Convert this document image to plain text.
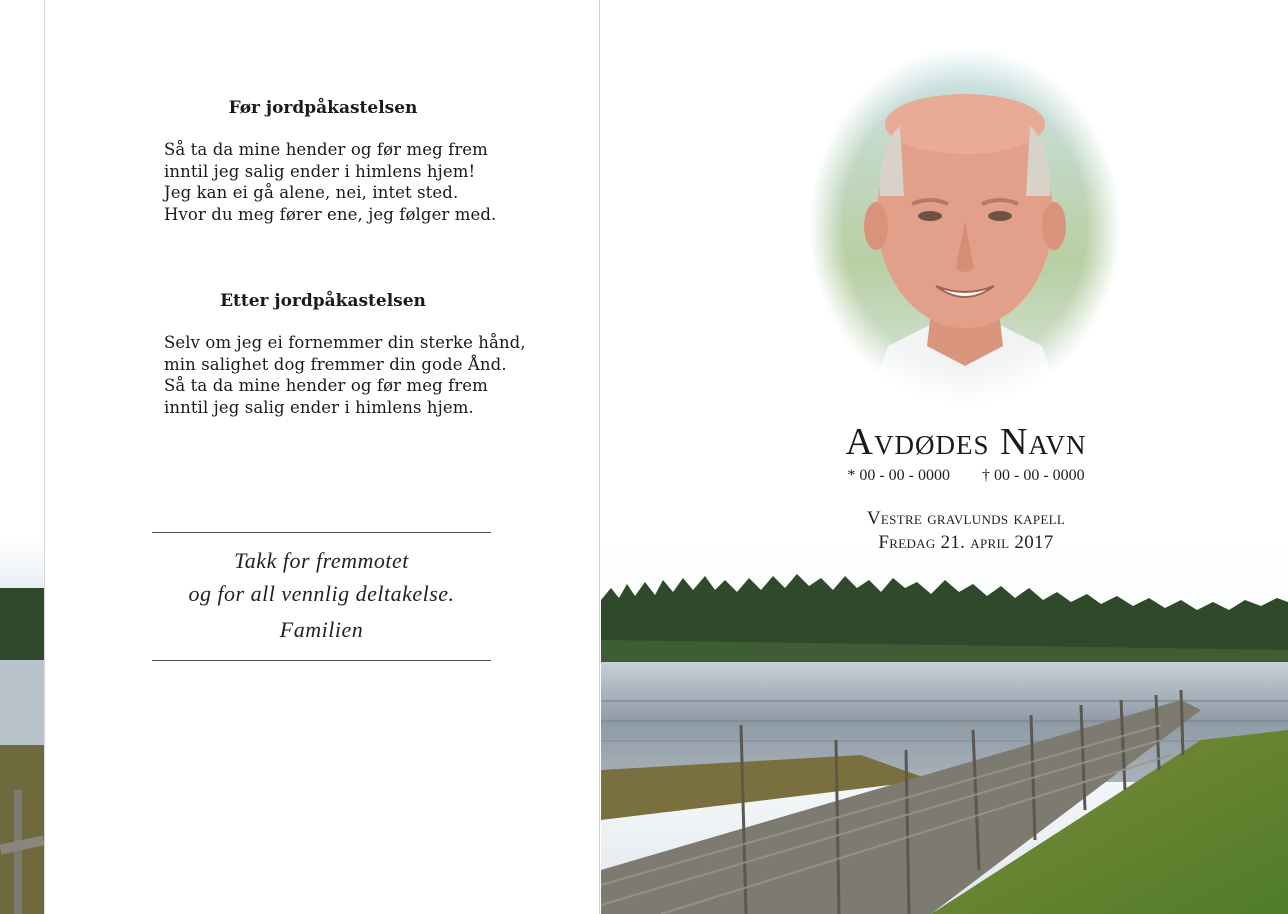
Før jordpåkastelsen
Så ta da mine hender og før meg frem
inntil jeg salig ender i himlens hjem!
Jeg kan ei gå alene, nei, intet sted.
Hvor du meg fører ene, jeg følger med.
Etter jordpåkastelsen
Selv om jeg ei fornemmer din sterke hånd,
min salighet dog fremmer din gode Ånd.
Så ta da mine hender og før meg frem
inntil jeg salig ender i himlens hjem.
Takk for fremmotet
og for all vennlig deltakelse.
Familien
Avdødes Navn
* 00 - 00 - 0000 † 00 - 00 - 0000
Vestre gravlunds kapell
Fredag 21. april 2017
